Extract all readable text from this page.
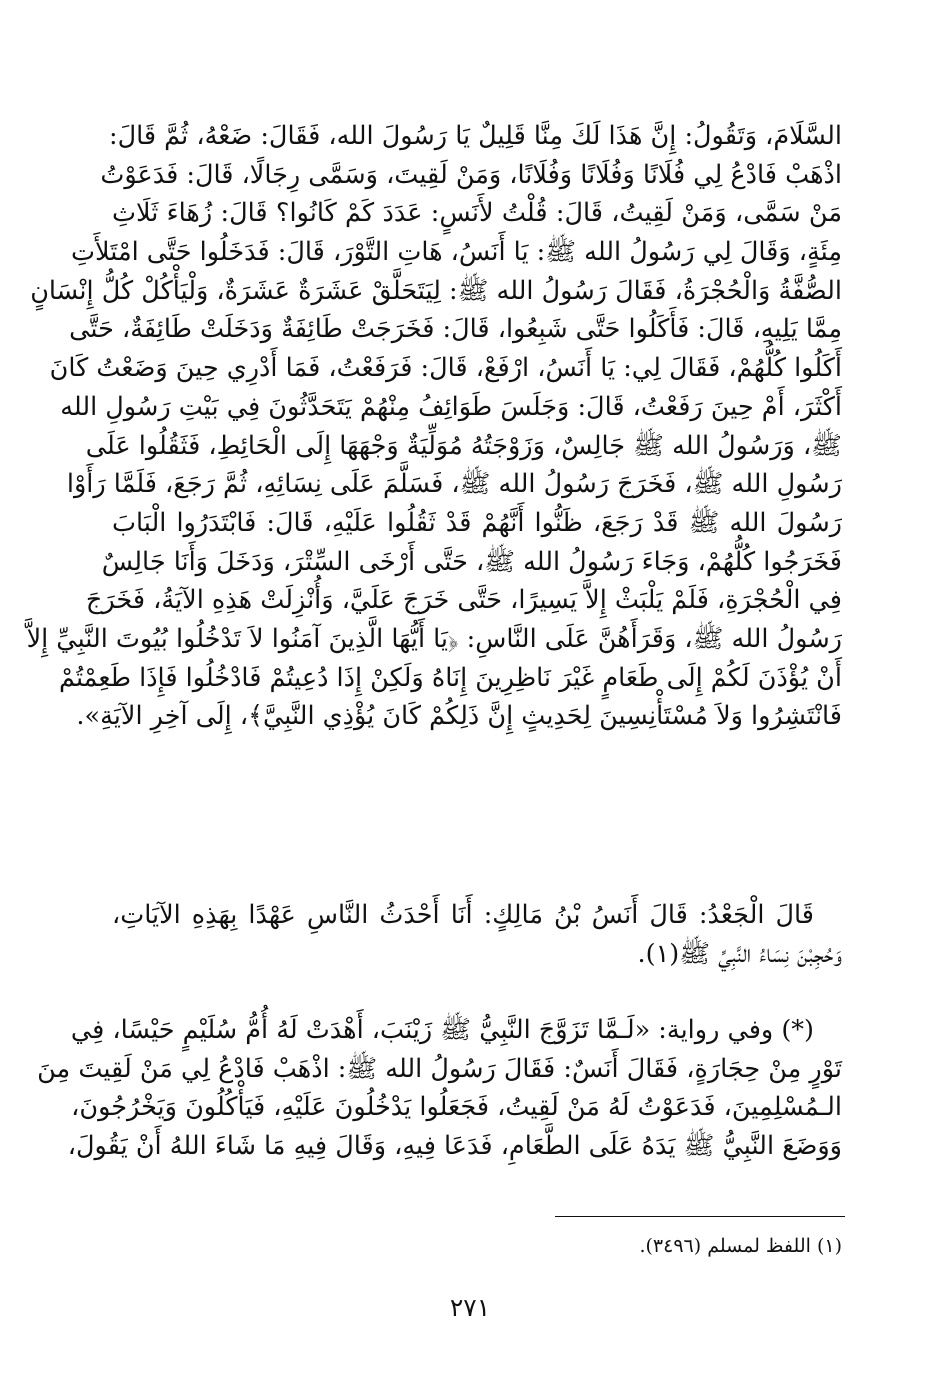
السَّلَامَ، وَتَقُولُ: إِنَّ هَذَا لَكَ مِنَّا قَلِيلٌ يَا رَسُولَ الله، فَقَالَ: ضَعْهُ، ثُمَّ قَالَ:
اذْهَبْ فَادْعُ لِي فُلَانًا وَفُلَانًا وَفُلَانًا، وَمَنْ لَقِيتَ، وَسَمَّى رِجَالًا، قَالَ: فَدَعَوْتُ
مَنْ سَمَّى، وَمَنْ لَقِيتُ، قَالَ: قُلْتُ لأَنَسٍ: عَدَدَ كَمْ كَانُوا؟ قَالَ: زُهَاءَ ثَلَاثِ
مِئَةٍ، وَقَالَ لِي رَسُولُ الله ﷺ: يَا أَنَسُ، هَاتِ التَّوْرَ، قَالَ: فَدَخَلُوا حَتَّى امْتَلأَتِ
الصُّفَّةُ وَالْحُجْرَةُ، فَقَالَ رَسُولُ الله ﷺ: لِيَتَحَلَّقْ عَشَرَةٌ عَشَرَةٌ، وَلْيَأْكُلْ كُلُّ إِنْسَانٍ
مِمَّا يَلِيهِ، قَالَ: فَأَكَلُوا حَتَّى شَبِعُوا، قَالَ: فَخَرَجَتْ طَائِفَةٌ وَدَخَلَتْ طَائِفَةٌ، حَتَّى
أَكَلُوا كُلُّهُمْ، فَقَالَ لِي: يَا أَنَسُ، ارْفَعْ، قَالَ: فَرَفَعْتُ، فَمَا أَدْرِي حِينَ وَضَعْتُ كَانَ
أَكْثَرَ، أَمْ حِينَ رَفَعْتُ، قَالَ: وَجَلَسَ طَوَائِفُ مِنْهُمْ يَتَحَدَّثُونَ فِي بَيْتِ رَسُولِ الله
ﷺ، وَرَسُولُ الله ﷺ جَالِسٌ، وَزَوْجَتُهُ مُوَلِّيَةٌ وَجْهَهَا إِلَى الْحَائِطِ، فَثَقُلُوا عَلَى
رَسُولِ الله ﷺ، فَخَرَجَ رَسُولُ الله ﷺ، فَسَلَّمَ عَلَى نِسَائِهِ، ثُمَّ رَجَعَ، فَلَمَّا رَأَوْا
رَسُولَ الله ﷺ قَدْ رَجَعَ، ظَنُّوا أَنَّهُمْ قَدْ ثَقُلُوا عَلَيْهِ، قَالَ: فَابْتَدَرُوا الْبَابَ
فَخَرَجُوا كُلُّهُمْ، وَجَاءَ رَسُولُ الله ﷺ، حَتَّى أَرْخَى السِّتْرَ، وَدَخَلَ وَأَنَا جَالِسٌ
فِي الْحُجْرَةِ، فَلَمْ يَلْبَثْ إِلاَّ يَسِيرًا، حَتَّى خَرَجَ عَلَيَّ، وَأُنْزِلَتْ هَذِهِ الآيَةُ، فَخَرَجَ
رَسُولُ الله ﷺ، وَقَرَأَهُنَّ عَلَى النَّاسِ: ﴿يَا أَيُّهَا الَّذِينَ آمَنُوا لاَ تَدْخُلُوا بُيُوتَ النَّبِيِّ إِلاَّ
أَنْ يُؤْذَنَ لَكُمْ إِلَى طَعَامٍ غَيْرَ نَاظِرِينَ إِنَاهُ وَلَكِنْ إِذَا دُعِيتُمْ فَادْخُلُوا فَإِذَا طَعِمْتُمْ
فَانْتَشِرُوا وَلاَ مُسْتَأْنِسِينَ لِحَدِيثٍ إِنَّ ذَلِكُمْ كَانَ يُؤْذِي النَّبِيَّ﴾، إِلَى آخِرِ الآيَةِ».
قَالَ الْجَعْدُ: قَالَ أَنَسُ بْنُ مَالِكٍ: أَنَا أَحْدَثُ النَّاسِ عَهْدًا بِهَذِهِ الآيَاتِ،
وَحُجِبْنَ نِسَاءُ النَّبِيِّ ﷺ(١).
(*) وفي رواية: «لَـمَّا تَزَوَّجَ النَّبِيُّ ﷺ زَيْنَبَ، أَهْدَتْ لَهُ أُمُّ سُلَيْمٍ حَيْسًا، فِي
تَوْرٍ مِنْ حِجَارَةٍ، فَقَالَ أَنَسٌ: فَقَالَ رَسُولُ الله ﷺ: اذْهَبْ فَادْعُ لِي مَنْ لَقِيتَ مِنَ
الـمُسْلِمِينَ، فَدَعَوْتُ لَهُ مَنْ لَقِيتُ، فَجَعَلُوا يَدْخُلُونَ عَلَيْهِ، فَيَأْكُلُونَ وَيَخْرُجُونَ،
وَوَضَعَ النَّبِيُّ ﷺ يَدَهُ عَلَى الطَّعَامِ، فَدَعَا فِيهِ، وَقَالَ فِيهِ مَا شَاءَ اللهُ أَنْ يَقُولَ،
(١) اللفظ لمسلم (٣٤٩٦).
٢٧١
